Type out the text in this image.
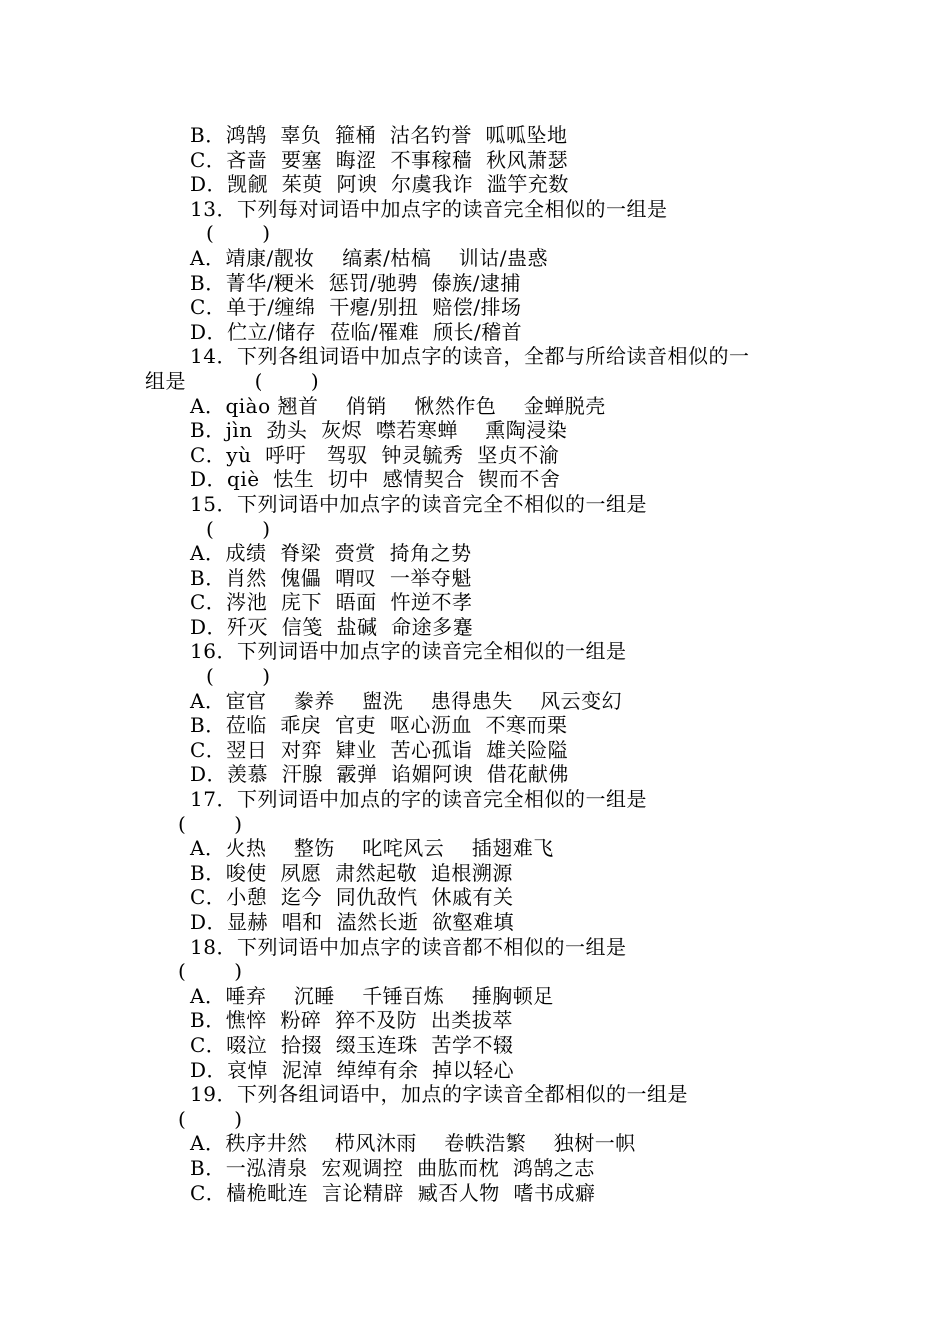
B．鸿鹄  辜负  箍桶  沽名钓誉  呱呱坠地
C．吝啬  要塞  晦涩  不事稼穑  秋风萧瑟
D．觊觎  茱萸  阿谀  尔虞我诈  滥竽充数
13．下列每对词语中加点字的读音完全相似的一组是
(       )
A．靖康/靓妆    缟素/枯槁    训诂/蛊惑
B．菁华/粳米  惩罚/驰骋  傣族/逮捕
C．单于/缠绵  干瘪/别扭  赔偿/排场
D．伫立/储存  莅临/罹难  颀长/稽首
14．下列各组词语中加点字的读音，全都与所给读音相似的一
组是          (       )
A．qiào 翘首    俏销    愀然作色    金蝉脱壳
B．jìn  劲头  灰烬  噤若寒蝉    熏陶浸染
C．yù  呼吁   驾驭  钟灵毓秀  坚贞不渝
D．qiè  怯生  切中  感情契合  锲而不舍
15．下列词语中加点字的读音完全不相似的一组是
(       )
A．成绩  脊梁  赍赏  掎角之势
B．肖然  傀儡  喟叹  一举夺魁
C．涔池  庑下  晤面  忤逆不孝
D．歼灭  信笺  盐碱  命途多蹇
16．下列词语中加点字的读音完全相似的一组是
(       )
A．宦官    豢养    盥洗    患得患失    风云变幻
B．莅临  乖戾  官吏  呕心沥血  不寒而栗
C．翌日  对弈  肄业  苦心孤诣  雄关险隘
D．羡慕  汗腺  霰弹  谄媚阿谀  借花献佛
17．下列词语中加点的字的读音完全相似的一组是
(       )
A．火热    整饬    叱咤风云    插翅难飞
B．唆使  夙愿  肃然起敬  追根溯源
C．小憩  迄今  同仇敌忾  休戚有关
D．显赫  唱和  溘然长逝  欲壑难填
18．下列词语中加点字的读音都不相似的一组是
(       )
A．唾弃    沉睡    千锤百炼    捶胸顿足
B．憔悴  粉碎  猝不及防  出类拔萃
C．啜泣  拾掇  缀玉连珠  苦学不辍
D．哀悼  泥淖  绰绰有余  掉以轻心
19．下列各组词语中，加点的字读音全都相似的一组是
(       )
A．秩序井然    栉风沐雨    卷帙浩繁    独树一帜
B．一泓清泉  宏观调控  曲肱而枕  鸿鹄之志
C．樯桅毗连  言论精辟  臧否人物  嗜书成癖
